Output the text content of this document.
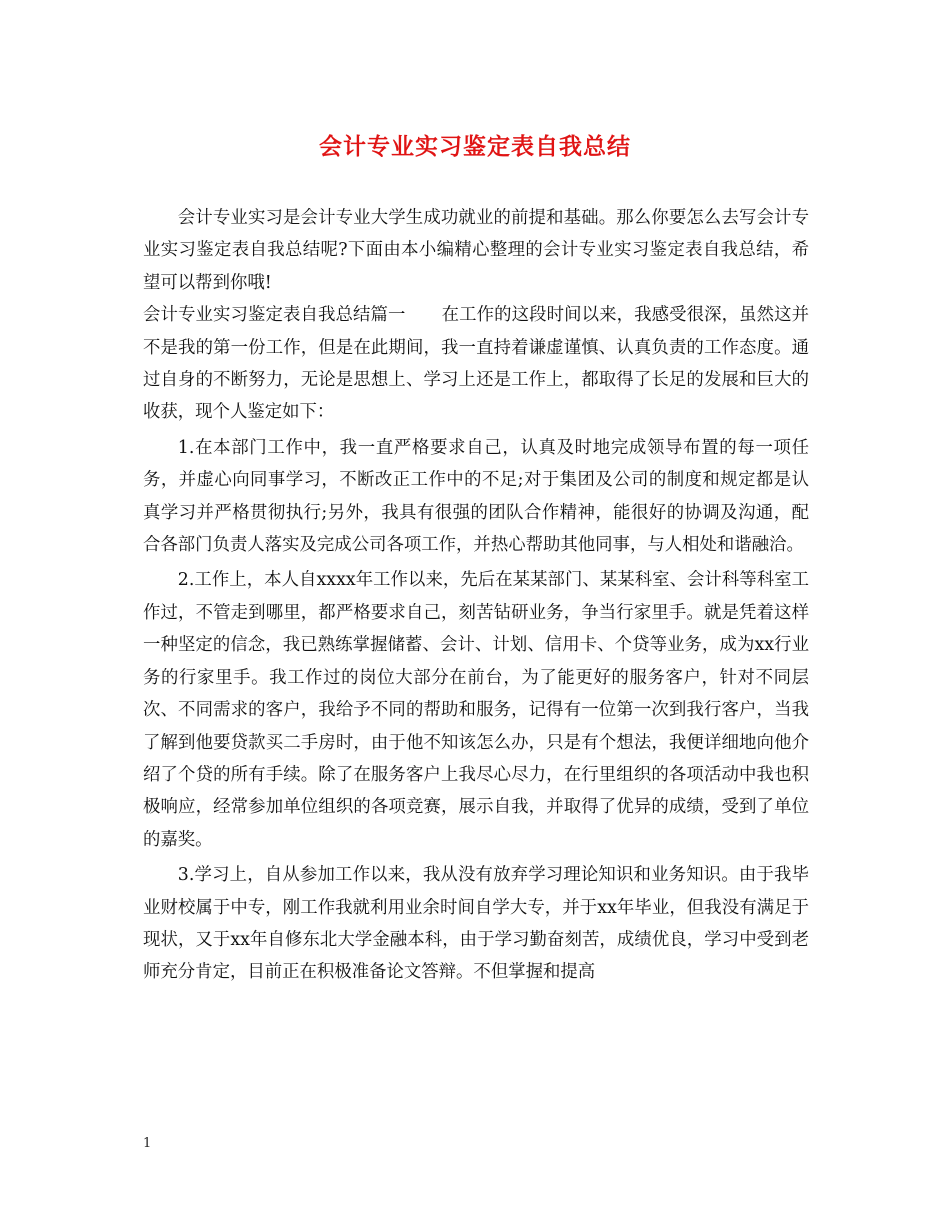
会计专业实习鉴定表自我总结

会计专业实习是会计专业大学生成功就业的前提和基础。那么你要怎么去写会计专业实习鉴定表自我总结呢?下面由本小编精心整理的会计专业实习鉴定表自我总结，希望可以帮到你哦!

会计专业实习鉴定表自我总结篇一 在工作的这段时间以来，我感受很深，虽然这并不是我的第一份工作，但是在此期间，我一直持着谦虚谨慎、认真负责的工作态度。通过自身的不断努力，无论是思想上、学习上还是工作上，都取得了长足的发展和巨大的收获，现个人鉴定如下：

1.在本部门工作中，我一直严格要求自己，认真及时地完成领导布置的每一项任务，并虚心向同事学习，不断改正工作中的不足;对于集团及公司的制度和规定都是认真学习并严格贯彻执行;另外，我具有很强的团队合作精神，能很好的协调及沟通，配合各部门负责人落实及完成公司各项工作，并热心帮助其他同事，与人相处和谐融洽。

2.工作上，本人自xxxx年工作以来，先后在某某部门、某某科室、会计科等科室工作过，不管走到哪里，都严格要求自己，刻苦钻研业务，争当行家里手。就是凭着这样一种坚定的信念，我已熟练掌握储蓄、会计、计划、信用卡、个贷等业务，成为xx行业务的行家里手。我工作过的岗位大部分在前台，为了能更好的服务客户，针对不同层次、不同需求的客户，我给予不同的帮助和服务，记得有一位第一次到我行客户，当我了解到他要贷款买二手房时，由于他不知该怎么办，只是有个想法，我便详细地向他介绍了个贷的所有手续。除了在服务客户上我尽心尽力，在行里组织的各项活动中我也积极响应，经常参加单位组织的各项竞赛，展示自我，并取得了优异的成绩，受到了单位的嘉奖。

3.学习上，自从参加工作以来，我从没有放弃学习理论知识和业务知识。由于我毕业财校属于中专，刚工作我就利用业余时间自学大专，并于xx年毕业，但我没有满足于现状，又于xx年自修东北大学金融本科，由于学习勤奋刻苦，成绩优良，学习中受到老师充分肯定，目前正在积极准备论文答辩。不但掌握和提高

1
